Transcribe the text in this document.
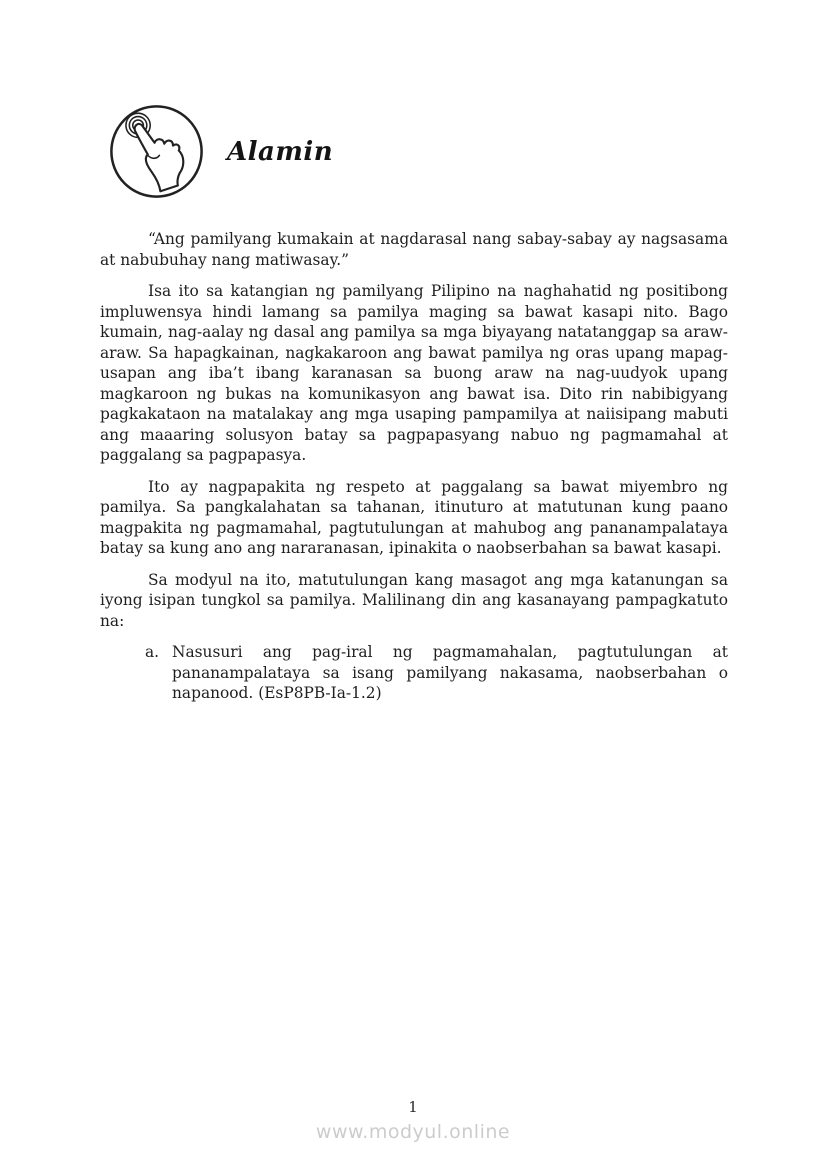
Alamin

“Ang pamilyang kumakain at nagdarasal nang sabay-sabay ay nagsasama at nabubuhay nang matiwasay.”

Isa ito sa katangian ng pamilyang Pilipino na naghahatid ng positibong impluwensya hindi lamang sa pamilya maging sa bawat kasapi nito. Bago kumain, nag-aalay ng dasal ang pamilya sa mga biyayang natatanggap sa araw-araw. Sa hapagkainan, nagkakaroon ang bawat pamilya ng oras upang mapag-usapan ang iba’t ibang karanasan sa buong araw na nag-uudyok upang magkaroon ng bukas na komunikasyon ang bawat isa. Dito rin nabibigyang pagkakataon na matalakay ang mga usaping pampamilya at naiisipang mabuti ang maaaring solusyon batay sa pagpapasyang nabuo ng pagmamahal at paggalang sa pagpapasya.

Ito ay nagpapakita ng respeto at paggalang sa bawat miyembro ng pamilya. Sa pangkalahatan sa tahanan, itinuturo at matutunan kung paano magpakita ng pagmamahal, pagtutulungan at mahubog ang pananampalataya batay sa kung ano ang nararanasan, ipinakita o naobserbahan sa bawat kasapi.

Sa modyul na ito, matutulungan kang masagot ang mga katanungan sa iyong isipan tungkol sa pamilya. Malilinang din ang kasanayang pampagkatuto na:

a. Nasusuri ang pag-iral ng pagmamahalan, pagtutulungan at pananampalataya sa isang pamilyang nakasama, naobserbahan o napanood. (EsP8PB-Ia-1.2)

1
www.modyul.online
